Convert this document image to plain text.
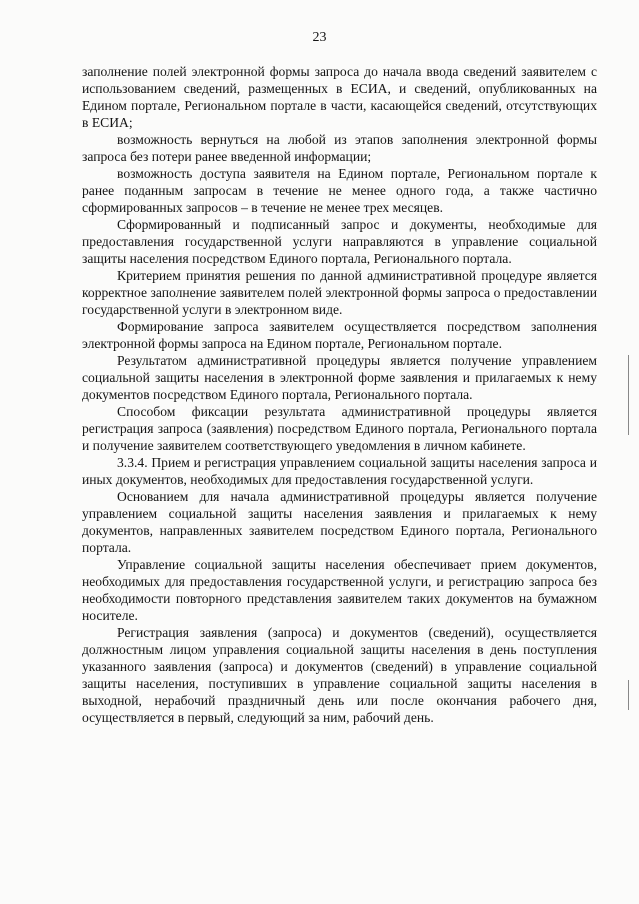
23

заполнение полей электронной формы запроса до начала ввода сведений заявителем с использованием сведений, размещенных в ЕСИА, и сведений, опубликованных на Едином портале, Региональном портале в части, касающейся сведений, отсутствующих в ЕСИА;

возможность вернуться на любой из этапов заполнения электронной формы запроса без потери ранее введенной информации;

возможность доступа заявителя на Едином портале, Региональном портале к ранее поданным запросам в течение не менее одного года, а также частично сформированных запросов – в течение не менее трех месяцев.

Сформированный и подписанный запрос и документы, необходимые для предоставления государственной услуги направляются в управление социальной защиты населения посредством Единого портала, Регионального портала.

Критерием принятия решения по данной административной процедуре является корректное заполнение заявителем полей электронной формы запроса о предоставлении государственной услуги в электронном виде.

Формирование запроса заявителем осуществляется посредством заполнения электронной формы запроса на Едином портале, Региональном портале.

Результатом административной процедуры является получение управлением социальной защиты населения в электронной форме заявления и прилагаемых к нему документов посредством Единого портала, Регионального портала.

Способом фиксации результата административной процедуры является регистрация запроса (заявления) посредством Единого портала, Регионального портала и получение заявителем соответствующего уведомления в личном кабинете.

3.3.4. Прием и регистрация управлением социальной защиты населения запроса и иных документов, необходимых для предоставления государственной услуги.

Основанием для начала административной процедуры является получение управлением социальной защиты населения заявления и прилагаемых к нему документов, направленных заявителем посредством Единого портала, Регионального портала.

Управление социальной защиты населения обеспечивает прием документов, необходимых для предоставления государственной услуги, и регистрацию запроса без необходимости повторного представления заявителем таких документов на бумажном носителе.

Регистрация заявления (запроса) и документов (сведений), осуществляется должностным лицом управления социальной защиты населения в день поступления указанного заявления (запроса) и документов (сведений) в управление социальной защиты населения, поступивших в управление социальной защиты населения в выходной, нерабочий праздничный день или после окончания рабочего дня, осуществляется в первый, следующий за ним, рабочий день.
